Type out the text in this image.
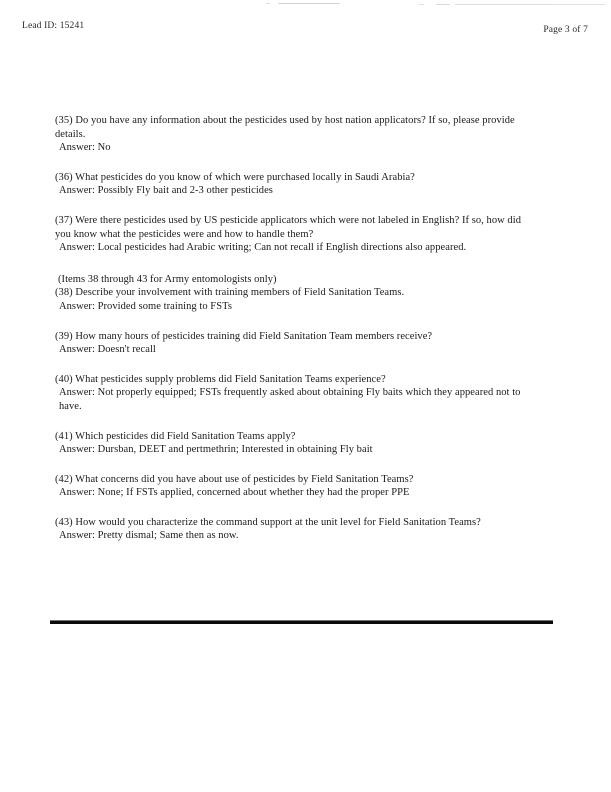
Lead ID: 15241	Page 3 of 7
(35) Do you have any information about the pesticides used by host nation applicators? If so, please provide details.
Answer: No
(36) What pesticides do you know of which were purchased locally in Saudi Arabia?
Answer: Possibly Fly bait and 2-3 other pesticides
(37) Were there pesticides used by US pesticide applicators which were not labeled in English? If so, how did you know what the pesticides were and how to handle them?
Answer: Local pesticides had Arabic writing; Can not recall if English directions also appeared.
(Items 38 through 43 for Army entomologists only)
(38) Describe your involvement with training members of Field Sanitation Teams.
Answer: Provided some training to FSTs
(39) How many hours of pesticides training did Field Sanitation Team members receive?
Answer: Doesn't recall
(40) What pesticides supply problems did Field Sanitation Teams experience?
Answer: Not properly equipped; FSTs frequently asked about obtaining Fly baits which they appeared not to have.
(41) Which pesticides did Field Sanitation Teams apply?
Answer: Dursban, DEET and pertmethrin; Interested in obtaining Fly bait
(42) What concerns did you have about use of pesticides by Field Sanitation Teams?
Answer: None; If FSTs applied, concerned about whether they had the proper PPE
(43) How would you characterize the command support at the unit level for Field Sanitation Teams?
Answer: Pretty dismal; Same then as now.
